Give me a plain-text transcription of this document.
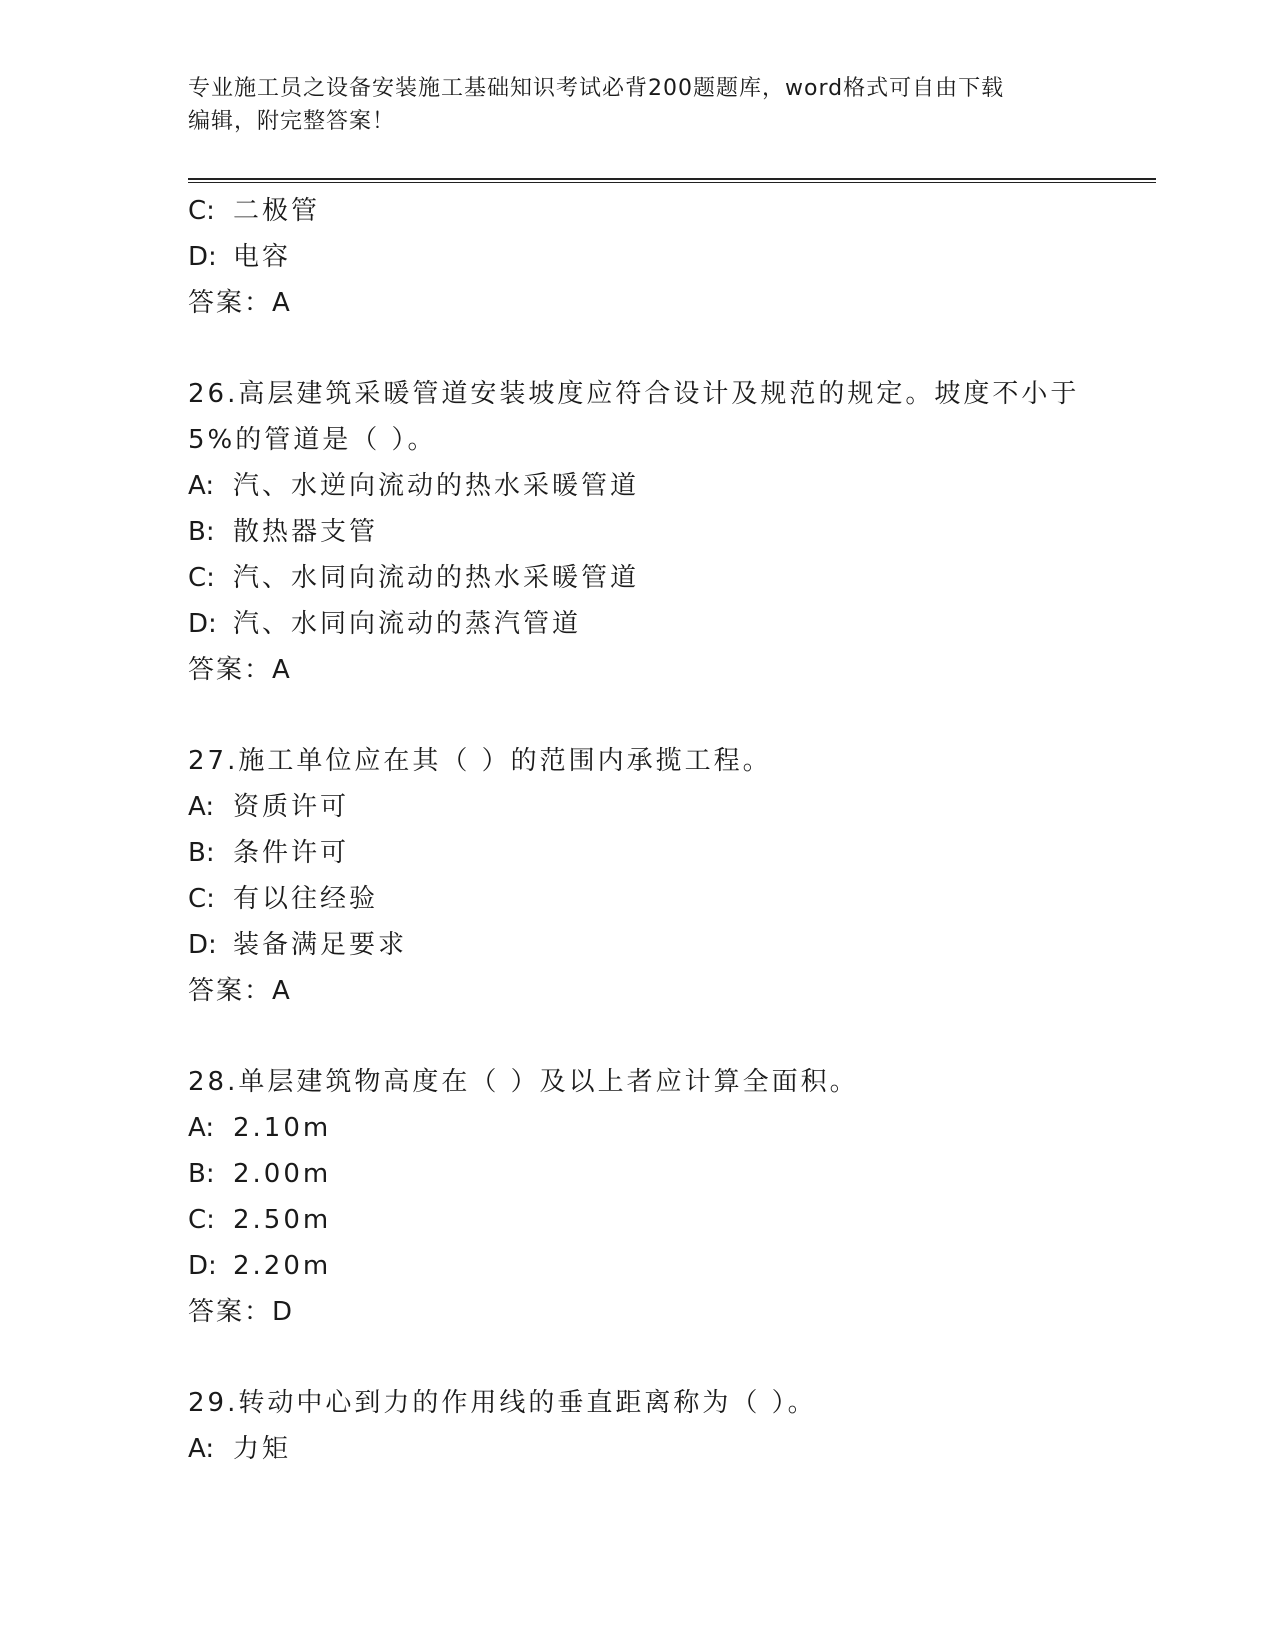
专业施工员之设备安装施工基础知识考试必背200题题库，word格式可自由下载
编辑，附完整答案！
C: 二极管
D: 电容
答案：A
26.高层建筑采暖管道安装坡度应符合设计及规范的规定。坡度不小于
5%的管道是（ ）。
A: 汽、水逆向流动的热水采暖管道
B: 散热器支管
C: 汽、水同向流动的热水采暖管道
D: 汽、水同向流动的蒸汽管道
答案：A
27.施工单位应在其（ ）的范围内承揽工程。
A: 资质许可
B: 条件许可
C: 有以往经验
D: 装备满足要求
答案：A
28.单层建筑物高度在（ ）及以上者应计算全面积。
A: 2.10m
B: 2.00m
C: 2.50m
D: 2.20m
答案：D
29.转动中心到力的作用线的垂直距离称为（ ）。
A: 力矩
